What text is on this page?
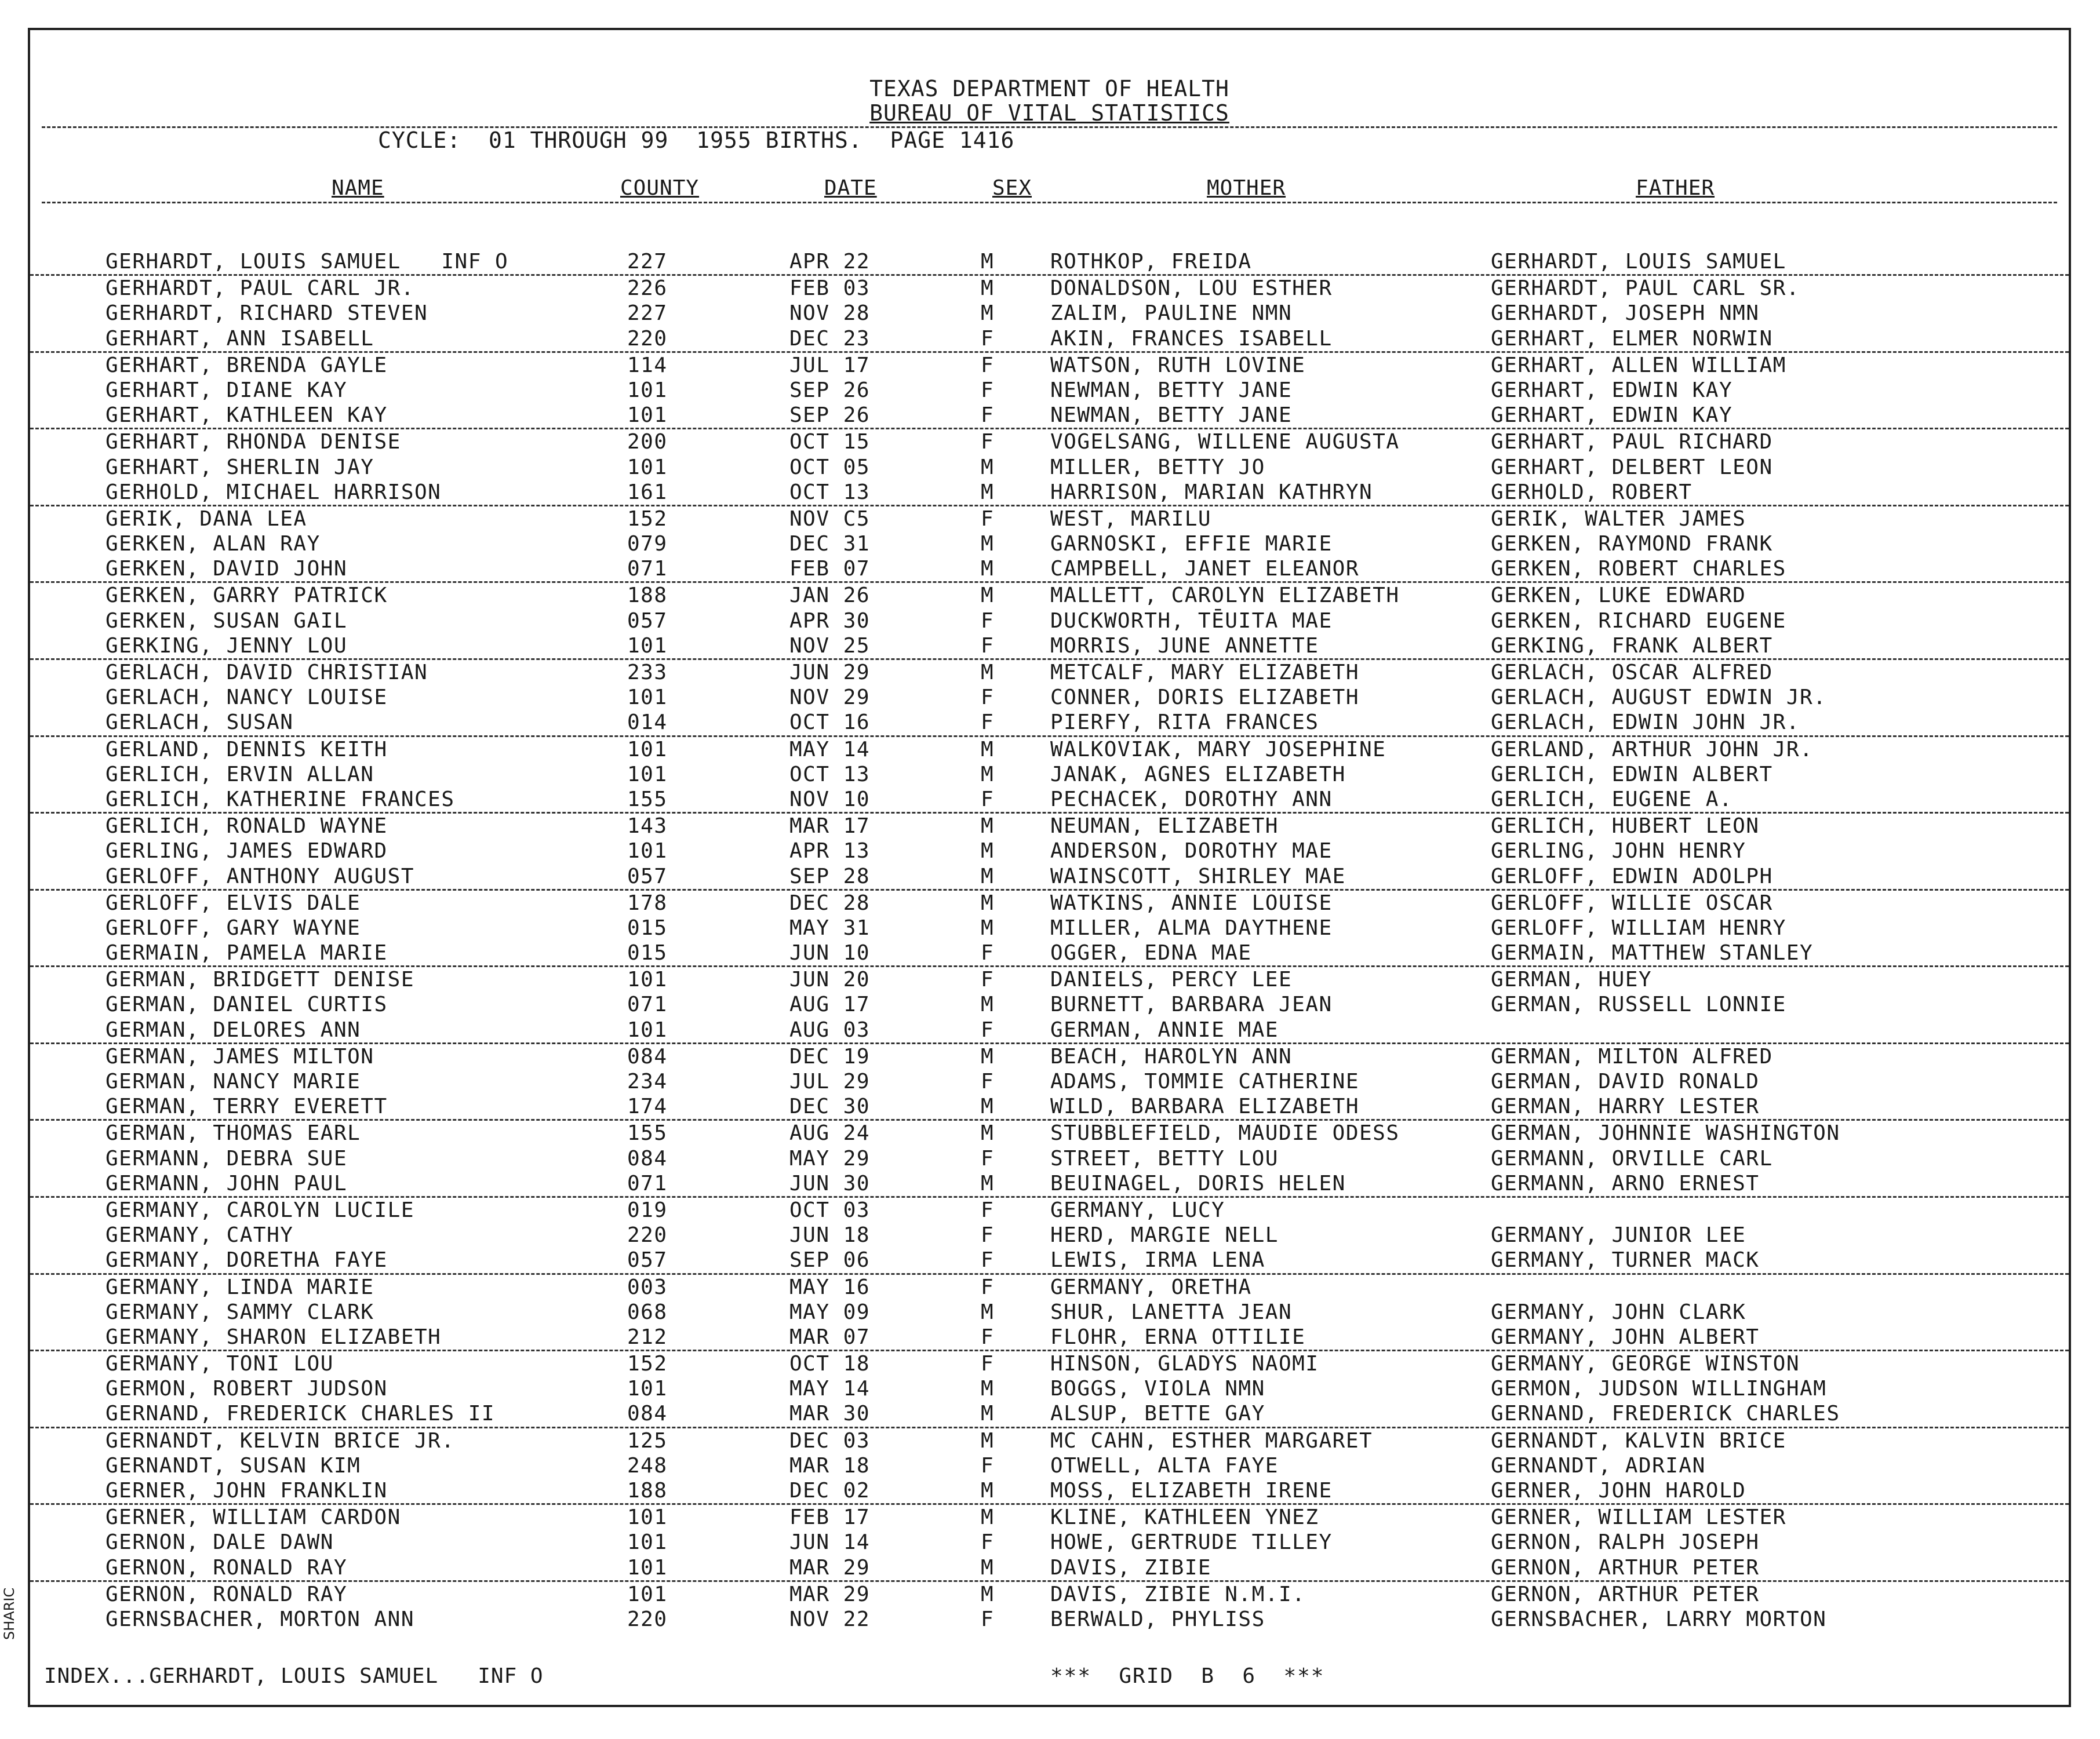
TEXAS DEPARTMENT OF HEALTH
BUREAU OF VITAL STATISTICS
CYCLE:  01 THROUGH 99  1955 BIRTHS.  PAGE 1416
NAME	COUNTY	DATE	SEX	MOTHER	FATHER
GERHARDT, LOUIS SAMUEL   INF O	227	APR 22	M	ROTHKOP, FREIDA	GERHARDT, LOUIS SAMUEL
GERHARDT, PAUL CARL JR.	226	FEB 03	M	DONALDSON, LOU ESTHER	GERHARDT, PAUL CARL SR.
GERHARDT, RICHARD STEVEN	227	NOV 28	M	ZALIM, PAULINE NMN	GERHARDT, JOSEPH NMN
GERHART, ANN ISABELL	220	DEC 23	F	AKIN, FRANCES ISABELL	GERHART, ELMER NORWIN
GERHART, BRENDA GAYLE	114	JUL 17	F	WATSON, RUTH LOVINE	GERHART, ALLEN WILLIAM
GERHART, DIANE KAY	101	SEP 26	F	NEWMAN, BETTY JANE	GERHART, EDWIN KAY
GERHART, KATHLEEN KAY	101	SEP 26	F	NEWMAN, BETTY JANE	GERHART, EDWIN KAY
GERHART, RHONDA DENISE	200	OCT 15	F	VOGELSANG, WILLENE AUGUSTA	GERHART, PAUL RICHARD
GERHART, SHERLIN JAY	101	OCT 05	M	MILLER, BETTY JO	GERHART, DELBERT LEON
GERHOLD, MICHAEL HARRISON	161	OCT 13	M	HARRISON, MARIAN KATHRYN	GERHOLD, ROBERT
GERIK, DANA LEA	152	NOV C5	F	WEST, MARILU	GERIK, WALTER JAMES
GERKEN, ALAN RAY	079	DEC 31	M	GARNOSKI, EFFIE MARIE	GERKEN, RAYMOND FRANK
GERKEN, DAVID JOHN	071	FEB 07	M	CAMPBELL, JANET ELEANOR	GERKEN, ROBERT CHARLES
GERKEN, GARRY PATRICK	188	JAN 26	M	MALLETT, CAROLYN ELIZABETH	GERKEN, LUKE EDWARD
GERKEN, SUSAN GAIL	057	APR 30	F	DUCKWORTH, TĒUITA MAE	GERKEN, RICHARD EUGENE
GERKING, JENNY LOU	101	NOV 25	F	MORRIS, JUNE ANNETTE	GERKING, FRANK ALBERT
GERLACH, DAVID CHRISTIAN	233	JUN 29	M	METCALF, MARY ELIZABETH	GERLACH, OSCAR ALFRED
GERLACH, NANCY LOUISE	101	NOV 29	F	CONNER, DORIS ELIZABETH	GERLACH, AUGUST EDWIN JR.
GERLACH, SUSAN	014	OCT 16	F	PIERFY, RITA FRANCES	GERLACH, EDWIN JOHN JR.
GERLAND, DENNIS KEITH	101	MAY 14	M	WALKOVIAK, MARY JOSEPHINE	GERLAND, ARTHUR JOHN JR.
GERLICH, ERVIN ALLAN	101	OCT 13	M	JANAK, AGNES ELIZABETH	GERLICH, EDWIN ALBERT
GERLICH, KATHERINE FRANCES	155	NOV 10	F	PECHACEK, DOROTHY ANN	GERLICH, EUGENE A.
GERLICH, RONALD WAYNE	143	MAR 17	M	NEUMAN, ELIZABETH	GERLICH, HUBERT LEON
GERLING, JAMES EDWARD	101	APR 13	M	ANDERSON, DOROTHY MAE	GERLING, JOHN HENRY
GERLOFF, ANTHONY AUGUST	057	SEP 28	M	WAINSCOTT, SHIRLEY MAE	GERLOFF, EDWIN ADOLPH
GERLOFF, ELVIS DALE	178	DEC 28	M	WATKINS, ANNIE LOUISE	GERLOFF, WILLIE OSCAR
GERLOFF, GARY WAYNE	015	MAY 31	M	MILLER, ALMA DAYTHENE	GERLOFF, WILLIAM HENRY
GERMAIN, PAMELA MARIE	015	JUN 10	F	OGGER, EDNA MAE	GERMAIN, MATTHEW STANLEY
GERMAN, BRIDGETT DENISE	101	JUN 20	F	DANIELS, PERCY LEE	GERMAN, HUEY
GERMAN, DANIEL CURTIS	071	AUG 17	M	BURNETT, BARBARA JEAN	GERMAN, RUSSELL LONNIE
GERMAN, DELORES ANN	101	AUG 03	F	GERMAN, ANNIE MAE
GERMAN, JAMES MILTON	084	DEC 19	M	BEACH, HAROLYN ANN	GERMAN, MILTON ALFRED
GERMAN, NANCY MARIE	234	JUL 29	F	ADAMS, TOMMIE CATHERINE	GERMAN, DAVID RONALD
GERMAN, TERRY EVERETT	174	DEC 30	M	WILD, BARBARA ELIZABETH	GERMAN, HARRY LESTER
GERMAN, THOMAS EARL	155	AUG 24	M	STUBBLEFIELD, MAUDIE ODESS	GERMAN, JOHNNIE WASHINGTON
GERMANN, DEBRA SUE	084	MAY 29	F	STREET, BETTY LOU	GERMANN, ORVILLE CARL
GERMANN, JOHN PAUL	071	JUN 30	M	BEUINAGEL, DORIS HELEN	GERMANN, ARNO ERNEST
GERMANY, CAROLYN LUCILE	019	OCT 03	F	GERMANY, LUCY
GERMANY, CATHY	220	JUN 18	F	HERD, MARGIE NELL	GERMANY, JUNIOR LEE
GERMANY, DORETHA FAYE	057	SEP 06	F	LEWIS, IRMA LENA	GERMANY, TURNER MACK
GERMANY, LINDA MARIE	003	MAY 16	F	GERMANY, ORETHA
GERMANY, SAMMY CLARK	068	MAY 09	M	SHUR, LANETTA JEAN	GERMANY, JOHN CLARK
GERMANY, SHARON ELIZABETH	212	MAR 07	F	FLOHR, ERNA OTTILIE	GERMANY, JOHN ALBERT
GERMANY, TONI LOU	152	OCT 18	F	HINSON, GLADYS NAOMI	GERMANY, GEORGE WINSTON
GERMON, ROBERT JUDSON	101	MAY 14	M	BOGGS, VIOLA NMN	GERMON, JUDSON WILLINGHAM
GERNAND, FREDERICK CHARLES II	084	MAR 30	M	ALSUP, BETTE GAY	GERNAND, FREDERICK CHARLES
GERNANDT, KELVIN BRICE JR.	125	DEC 03	M	MC CAHN, ESTHER MARGARET	GERNANDT, KALVIN BRICE
GERNANDT, SUSAN KIM	248	MAR 18	F	OTWELL, ALTA FAYE	GERNANDT, ADRIAN
GERNER, JOHN FRANKLIN	188	DEC 02	M	MOSS, ELIZABETH IRENE	GERNER, JOHN HAROLD
GERNER, WILLIAM CARDON	101	FEB 17	M	KLINE, KATHLEEN YNEZ	GERNER, WILLIAM LESTER
GERNON, DALE DAWN	101	JUN 14	F	HOWE, GERTRUDE TILLEY	GERNON, RALPH JOSEPH
GERNON, RONALD RAY	101	MAR 29	M	DAVIS, ZIBIE	GERNON, ARTHUR PETER
GERNON, RONALD RAY	101	MAR 29	M	DAVIS, ZIBIE N.M.I.	GERNON, ARTHUR PETER
GERNSBACHER, MORTON ANN	220	NOV 22	F	BERWALD, PHYLISS	GERNSBACHER, LARRY MORTON
INDEX...GERHARDT, LOUIS SAMUEL   INF O	***  GRID  B  6  ***
SHARIC
